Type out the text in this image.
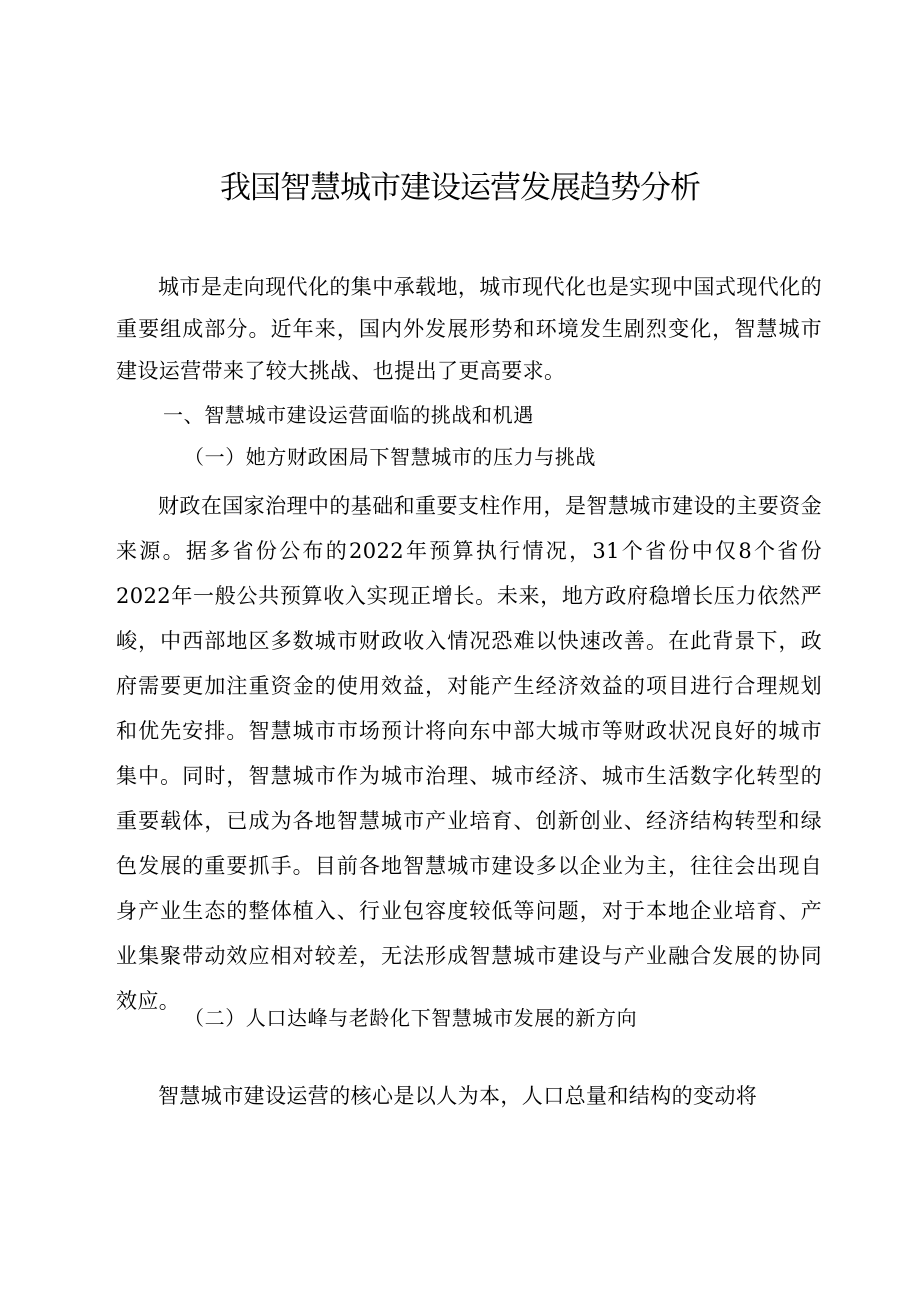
我国智慧城市建设运营发展趋势分析

城市是走向现代化的集中承载地，城市现代化也是实现中国式现代化的重要组成部分。近年来，国内外发展形势和环境发生剧烈变化，智慧城市建设运营带来了较大挑战、也提出了更高要求。

一、智慧城市建设运营面临的挑战和机遇

（一）她方财政困局下智慧城市的压力与挑战

财政在国家治理中的基础和重要支柱作用，是智慧城市建设的主要资金来源。据多省份公布的2022年预算执行情况，31个省份中仅8个省份2022年一般公共预算收入实现正增长。未来，地方政府稳增长压力依然严峻，中西部地区多数城市财政收入情况恐难以快速改善。在此背景下，政府需要更加注重资金的使用效益，对能产生经济效益的项目进行合理规划和优先安排。智慧城市市场预计将向东中部大城市等财政状况良好的城市集中。同时，智慧城市作为城市治理、城市经济、城市生活数字化转型的重要载体，已成为各地智慧城市产业培育、创新创业、经济结构转型和绿色发展的重要抓手。目前各地智慧城市建设多以企业为主，往往会出现自身产业生态的整体植入、行业包容度较低等问题，对于本地企业培育、产业集聚带动效应相对较差，无法形成智慧城市建设与产业融合发展的协同效应。

（二）人口达峰与老龄化下智慧城市发展的新方向

智慧城市建设运营的核心是以人为本，人口总量和结构的变动将
